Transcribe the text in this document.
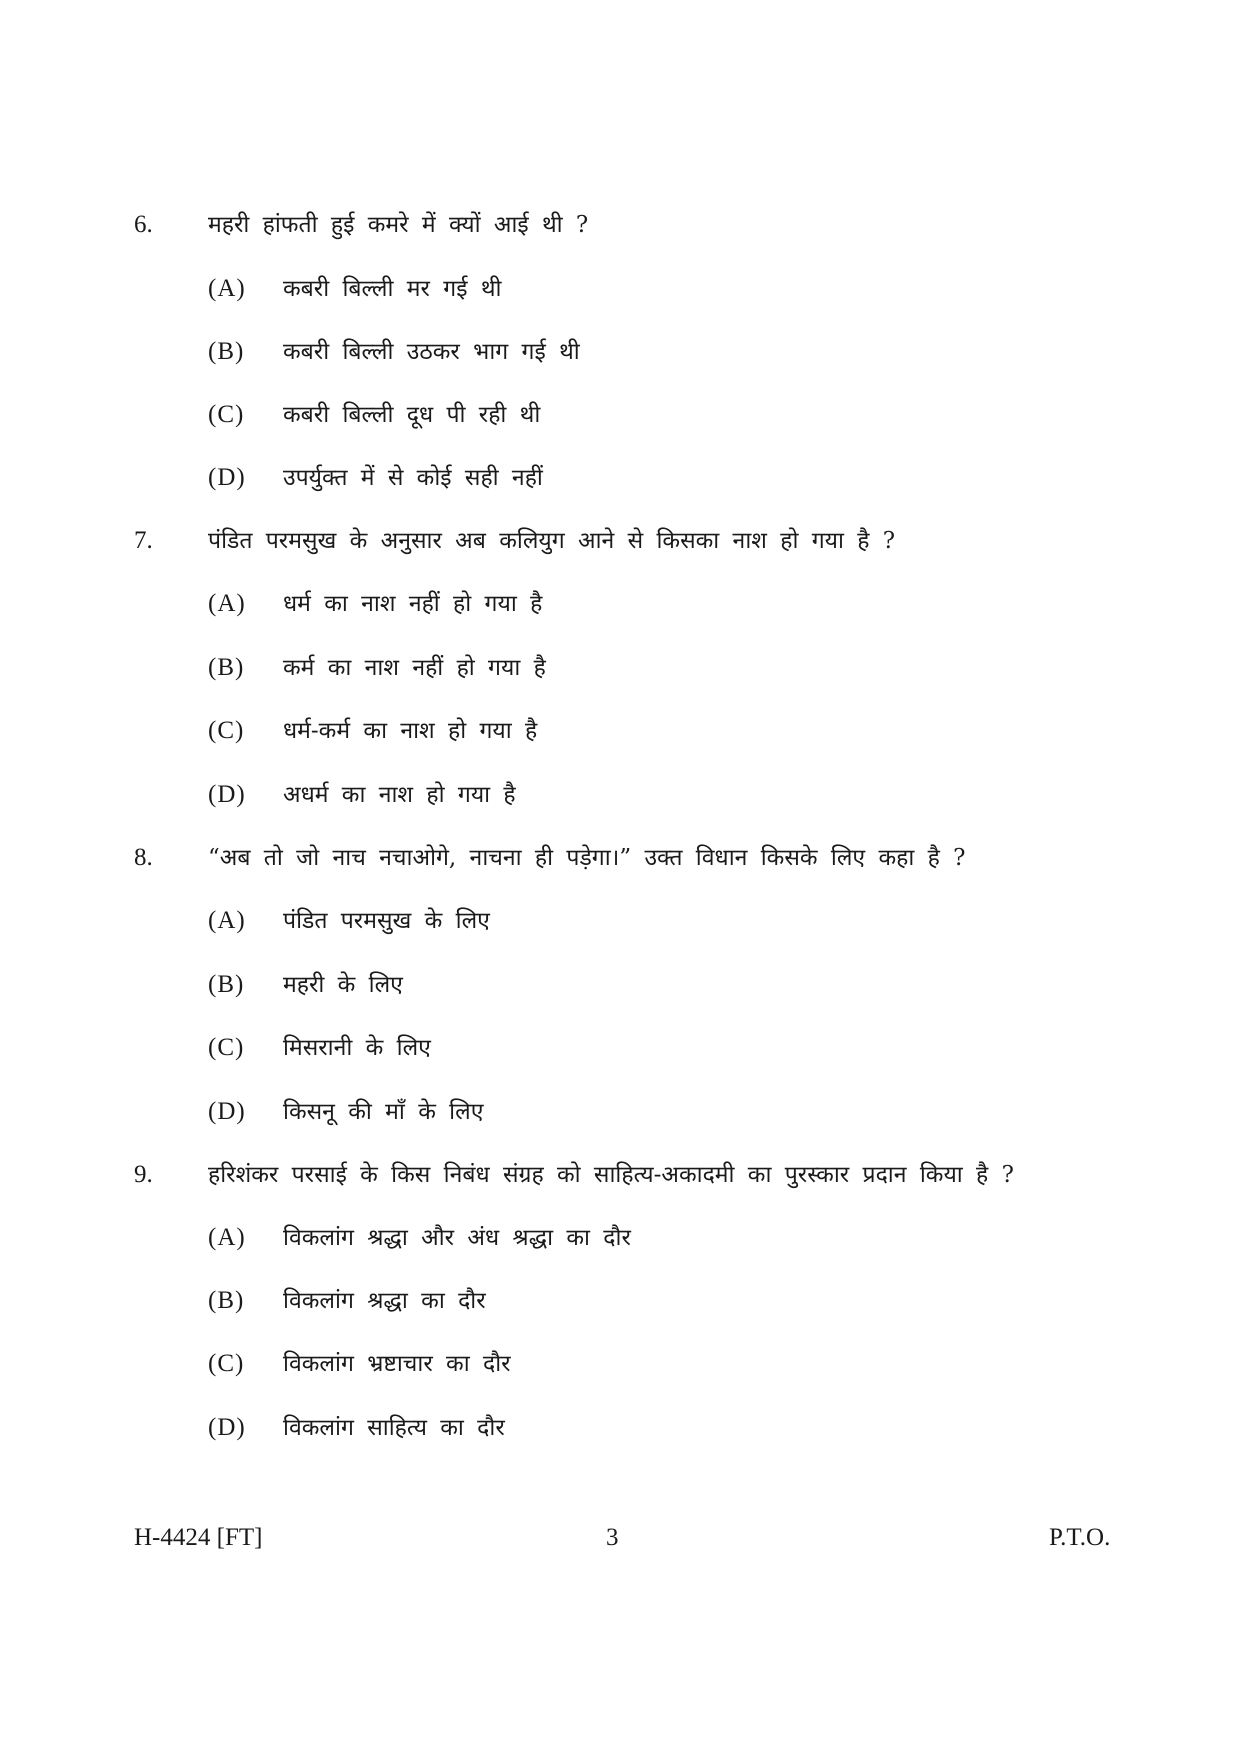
6. महरी हांफती हुई कमरे में क्यों आई थी ?
(A) कबरी बिल्ली मर गई थी
(B) कबरी बिल्ली उठकर भाग गई थी
(C) कबरी बिल्ली दूध पी रही थी
(D) उपर्युक्त में से कोई सही नहीं
7. पंडित परमसुख के अनुसार अब कलियुग आने से किसका नाश हो गया है ?
(A) धर्म का नाश नहीं हो गया है
(B) कर्म का नाश नहीं हो गया है
(C) धर्म-कर्म का नाश हो गया है
(D) अधर्म का नाश हो गया है
8. “अब तो जो नाच नचाओगे, नाचना ही पड़ेगा।” उक्त विधान किसके लिए कहा है ?
(A) पंडित परमसुख के लिए
(B) महरी के लिए
(C) मिसरानी के लिए
(D) किसनू की माँ के लिए
9. हरिशंकर परसाई के किस निबंध संग्रह को साहित्य-अकादमी का पुरस्कार प्रदान किया है ?
(A) विकलांग श्रद्धा और अंध श्रद्धा का दौर
(B) विकलांग श्रद्धा का दौर
(C) विकलांग भ्रष्टाचार का दौर
(D) विकलांग साहित्य का दौर
H-4424 [FT]	3	P.T.O.
